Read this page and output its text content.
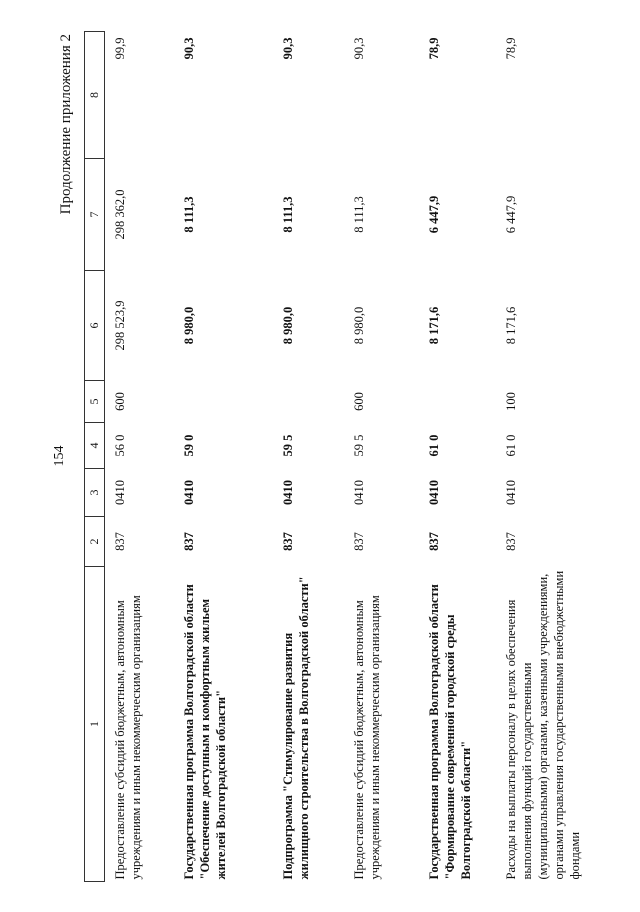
154
Продолжение приложения 2
1	2	3	4	5	6	7	8
Предоставление субсидий бюджетным, автономным учреждениям и иным некоммерческим организациям	837	0410	56 0	600	298 523,9	298 362,0	99,9
Государственная программа Волгоградской области "Обеспечение доступным и комфортным жильем жителей Волгоградской области"	837	0410	59 0		8 980,0	8 111,3	90,3
Подпрограмма "Стимулирование развития жилищного строительства в Волгоградской области"	837	0410	59 5		8 980,0	8 111,3	90,3
Предоставление субсидий бюджетным, автономным учреждениям и иным некоммерческим организациям	837	0410	59 5	600	8 980,0	8 111,3	90,3
Государственная программа Волгоградской области "Формирование современной городской среды Волгоградской области"	837	0410	61 0		8 171,6	6 447,9	78,9
Расходы на выплаты персоналу в целях обеспечения выполнения функций государственными (муниципальными) органами, казенными учреждениями, органами управления государственными внебюджетными фондами	837	0410	61 0	100	8 171,6	6 447,9	78,9
